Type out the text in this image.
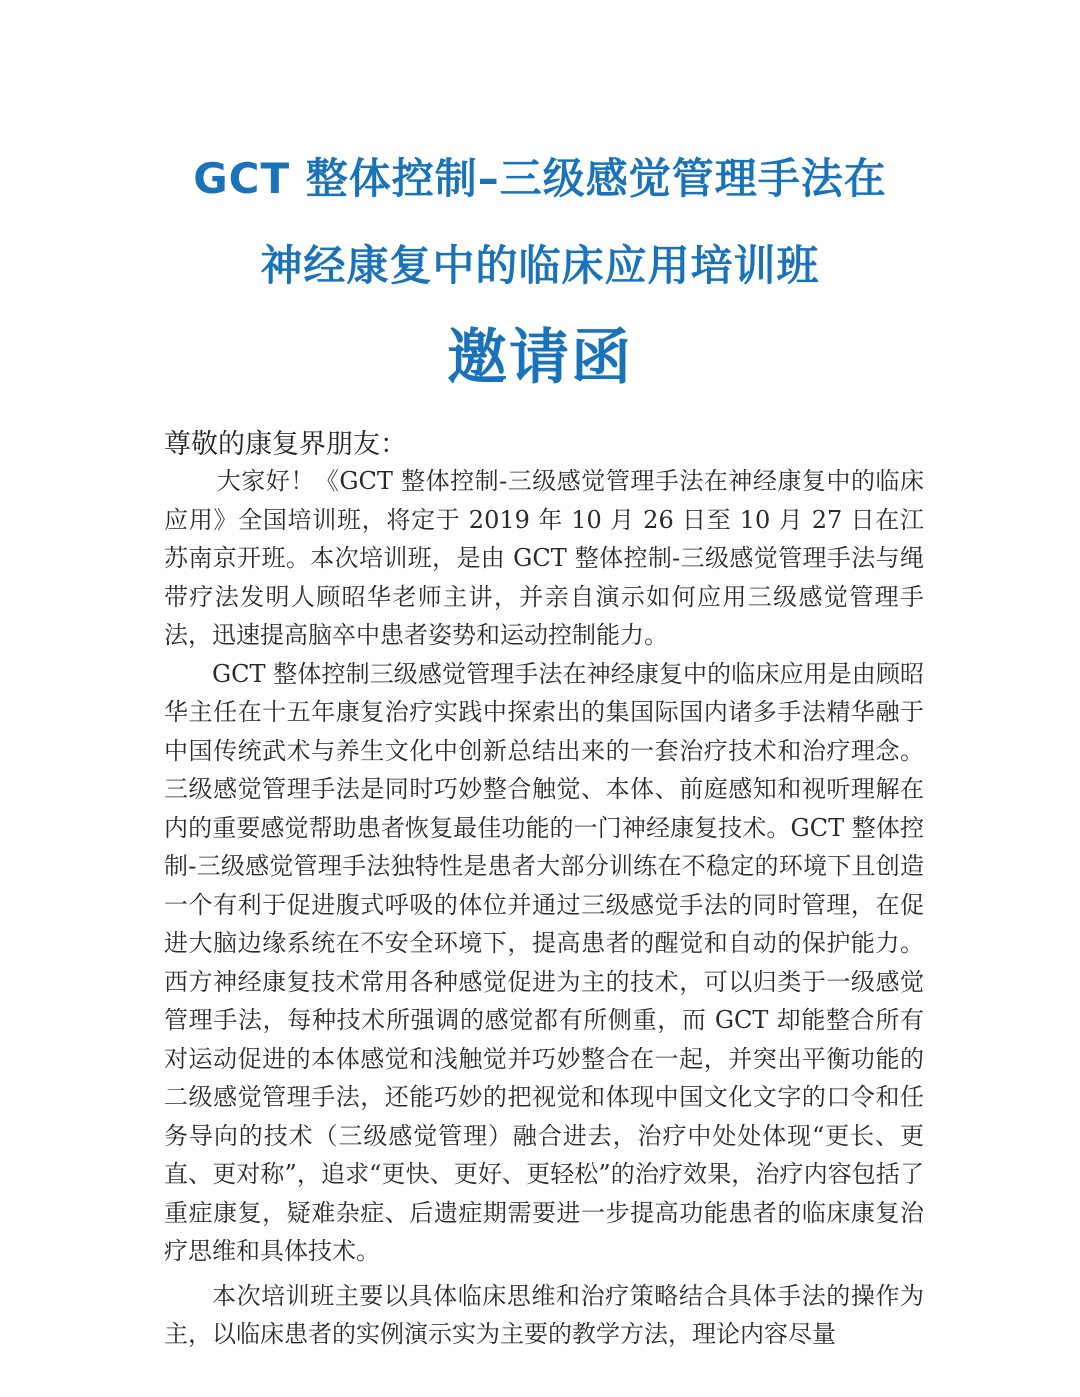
GCT 整体控制–三级感觉管理手法在
神经康复中的临床应用培训班
邀请函
尊敬的康复界朋友：

大家好！《GCT 整体控制-三级感觉管理手法在神经康复中的临床应用》全国培训班，将定于 2019 年 10 月 26 日至 10 月 27 日在江苏南京开班。本次培训班，是由 GCT 整体控制-三级感觉管理手法与绳带疗法发明人顾昭华老师主讲，并亲自演示如何应用三级感觉管理手法，迅速提高脑卒中患者姿势和运动控制能力。

GCT 整体控制三级感觉管理手法在神经康复中的临床应用是由顾昭华主任在十五年康复治疗实践中探索出的集国际国内诸多手法精华融于中国传统武术与养生文化中创新总结出来的一套治疗技术和治疗理念。三级感觉管理手法是同时巧妙整合触觉、本体、前庭感知和视听理解在内的重要感觉帮助患者恢复最佳功能的一门神经康复技术。GCT 整体控制-三级感觉管理手法独特性是患者大部分训练在不稳定的环境下且创造一个有利于促进腹式呼吸的体位并通过三级感觉手法的同时管理，在促进大脑边缘系统在不安全环境下，提高患者的醒觉和自动的保护能力。西方神经康复技术常用各种感觉促进为主的技术，可以归类于一级感觉管理手法，每种技术所强调的感觉都有所侧重，而 GCT 却能整合所有对运动促进的本体感觉和浅触觉并巧妙整合在一起，并突出平衡功能的二级感觉管理手法，还能巧妙的把视觉和体现中国文化文字的口令和任务导向的技术（三级感觉管理）融合进去，治疗中处处体现“更长、更直、更对称”，追求“更快、更好、更轻松”的治疗效果，治疗内容包括了重症康复，疑难杂症、后遗症期需要进一步提高功能患者的临床康复治疗思维和具体技术。

本次培训班主要以具体临床思维和治疗策略结合具体手法的操作为主，以临床患者的实例演示实为主要的教学方法，理论内容尽量
